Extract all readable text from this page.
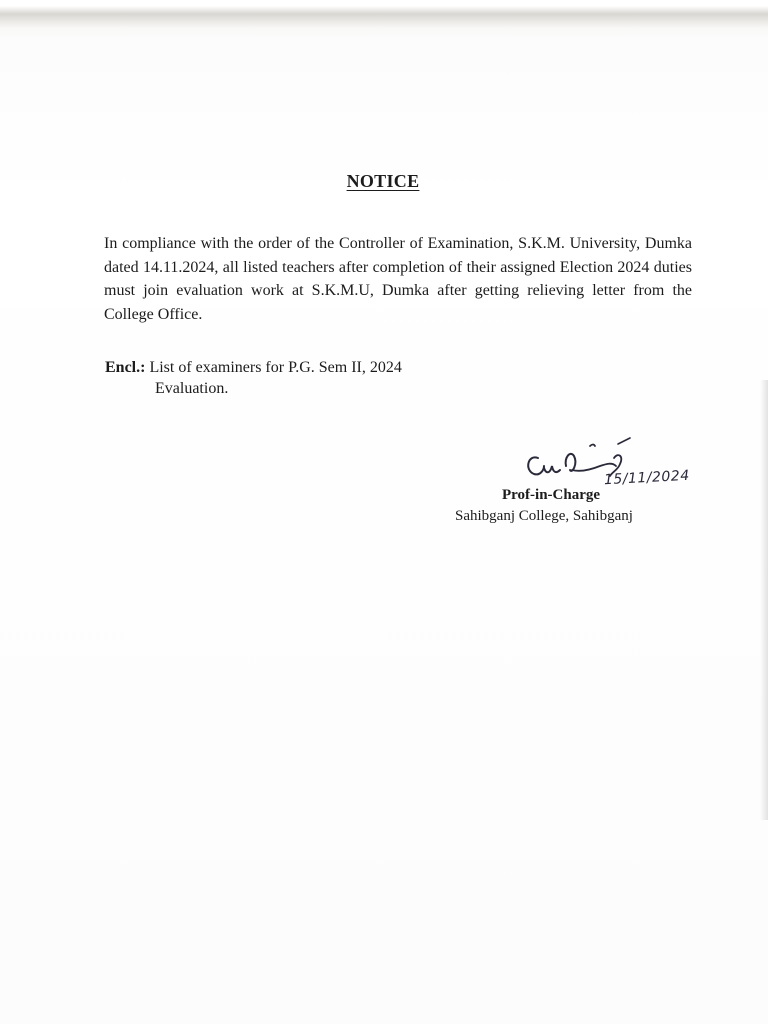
NOTICE

In compliance with the order of the Controller of Examination, S.K.M. University, Dumka dated 14.11.2024, all listed teachers after completion of their assigned Election 2024 duties must join evaluation work at S.K.M.U, Dumka after getting relieving letter from the College Office.

Encl.: List of examiners for P.G. Sem II, 2024
Evaluation.
15/11/2024
Prof-in-Charge
Sahibganj College, Sahibganj
